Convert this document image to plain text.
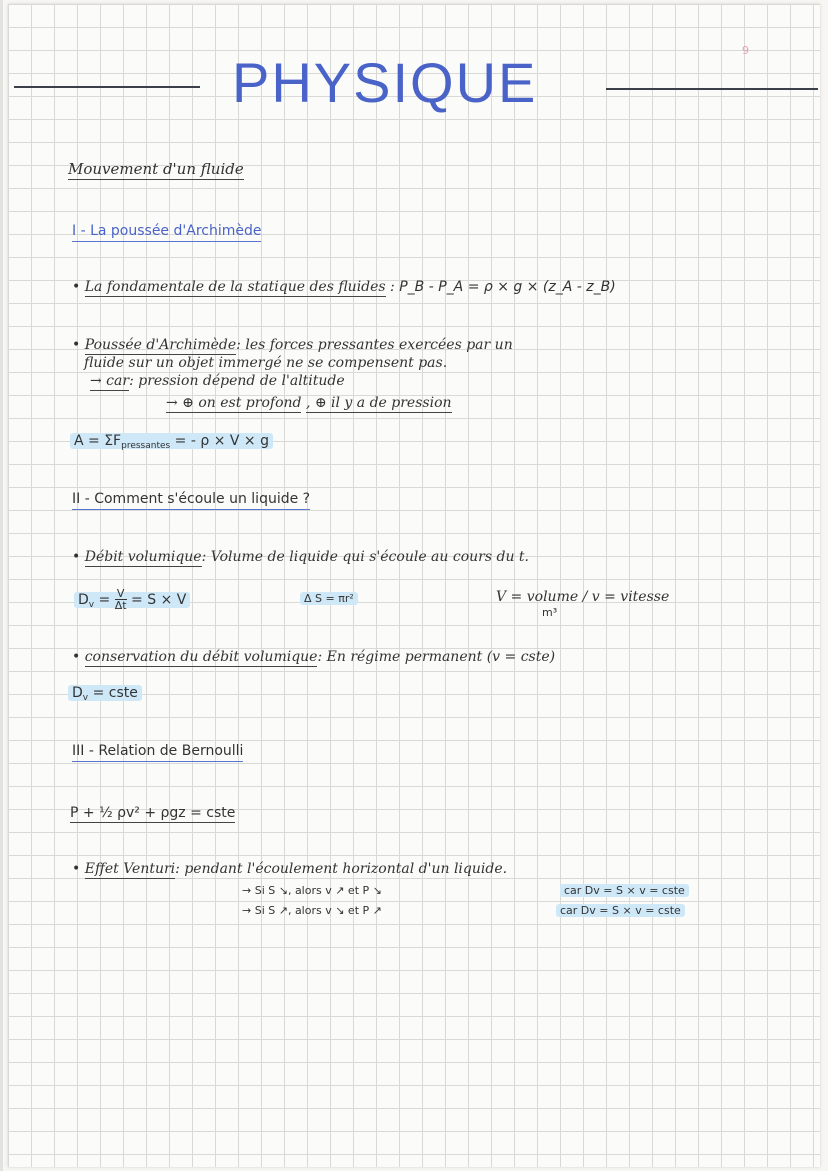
PHYSIQUE
9
Mouvement d'un fluide
I - La poussée d'Archimède
• La fondamentale de la statique des fluides : P_B - P_A = ρ × g × (z_A - z_B)
• Poussée d'Archimède: les forces pressantes exercées par un
fluide sur un objet immergé ne se compensent pas.
→ car: pression dépend de l'altitude
→ ⊕ on est profond , ⊕ il y a de pression
$A = \Sigma F_{pressantes}$ = - ρ × V × g
II - Comment s'écoule un liquide ?
• Débit volumique: Volume de liquide qui s'écoule au cours du t.
$D_v = \frac{V}{\Delta t} = S \times V$	Δ S = πr²	V = volume / v = vitesse
m³
• conservation du débit volumique: En régime permanent (v = cste)
$D_v$ = cste
III - Relation de Bernoulli
P + ½ ρv² + ρgz = cste
• Effet Venturi: pendant l'écoulement horizontal d'un liquide.
→ Si S ↘, alors v ↗ et P ↘	car Dv = S × v = cste
→ Si S ↗, alors v ↘ et P ↗	car Dv = S × v = cste
